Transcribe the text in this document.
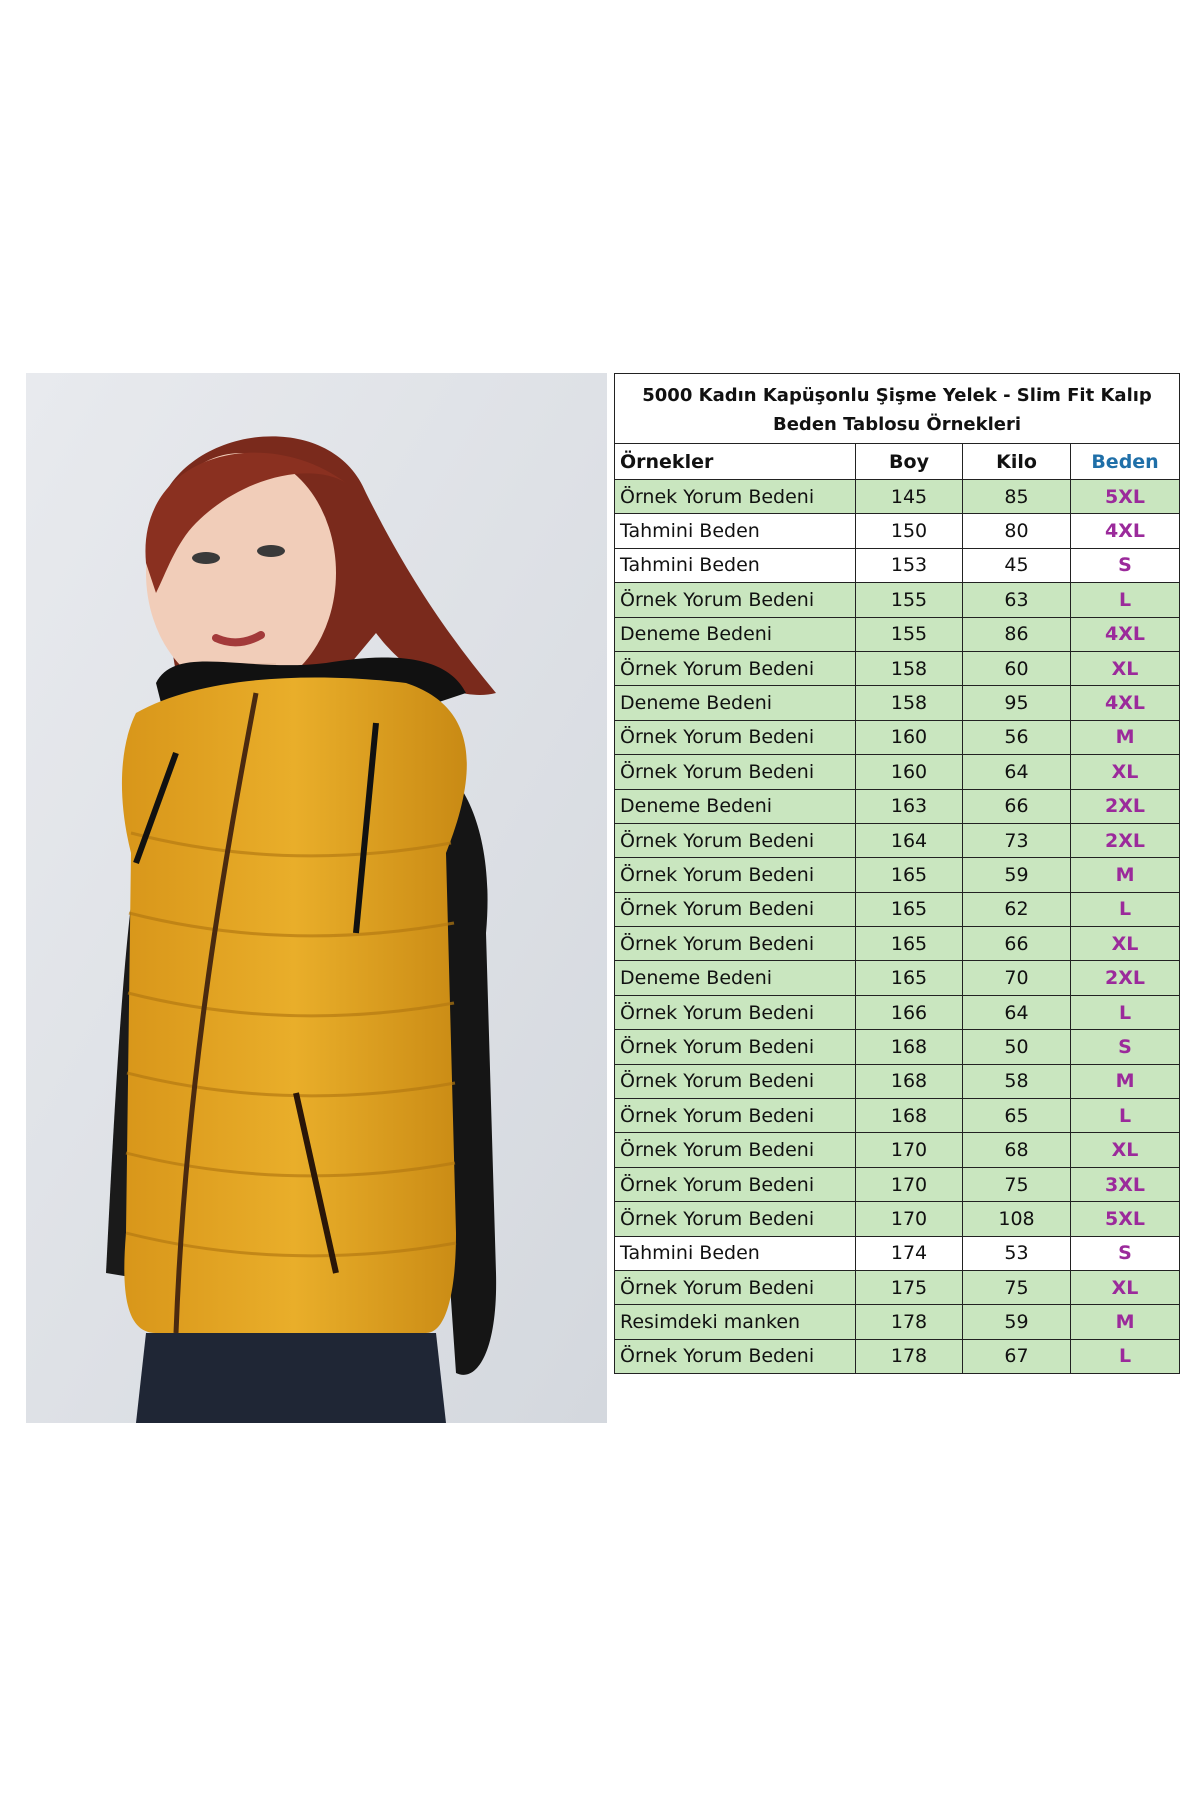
5000 Kadın Kapüşonlu Şişme Yelek - Slim Fit Kalıp
Beden Tablosu Örnekleri			

Örnekler	Boy	Kilo	Beden
Örnek Yorum Bedeni	145	85	5XL
Tahmini Beden	150	80	4XL
Tahmini Beden	153	45	S
Örnek Yorum Bedeni	155	63	L
Deneme Bedeni	155	86	4XL
Örnek Yorum Bedeni	158	60	XL
Deneme Bedeni	158	95	4XL
Örnek Yorum Bedeni	160	56	M
Örnek Yorum Bedeni	160	64	XL
Deneme Bedeni	163	66	2XL
Örnek Yorum Bedeni	164	73	2XL
Örnek Yorum Bedeni	165	59	M
Örnek Yorum Bedeni	165	62	L
Örnek Yorum Bedeni	165	66	XL
Deneme Bedeni	165	70	2XL
Örnek Yorum Bedeni	166	64	L
Örnek Yorum Bedeni	168	50	S
Örnek Yorum Bedeni	168	58	M
Örnek Yorum Bedeni	168	65	L
Örnek Yorum Bedeni	170	68	XL
Örnek Yorum Bedeni	170	75	3XL
Örnek Yorum Bedeni	170	108	5XL
Tahmini Beden	174	53	S
Örnek Yorum Bedeni	175	75	XL
Resimdeki manken	178	59	M
Örnek Yorum Bedeni	178	67	L
